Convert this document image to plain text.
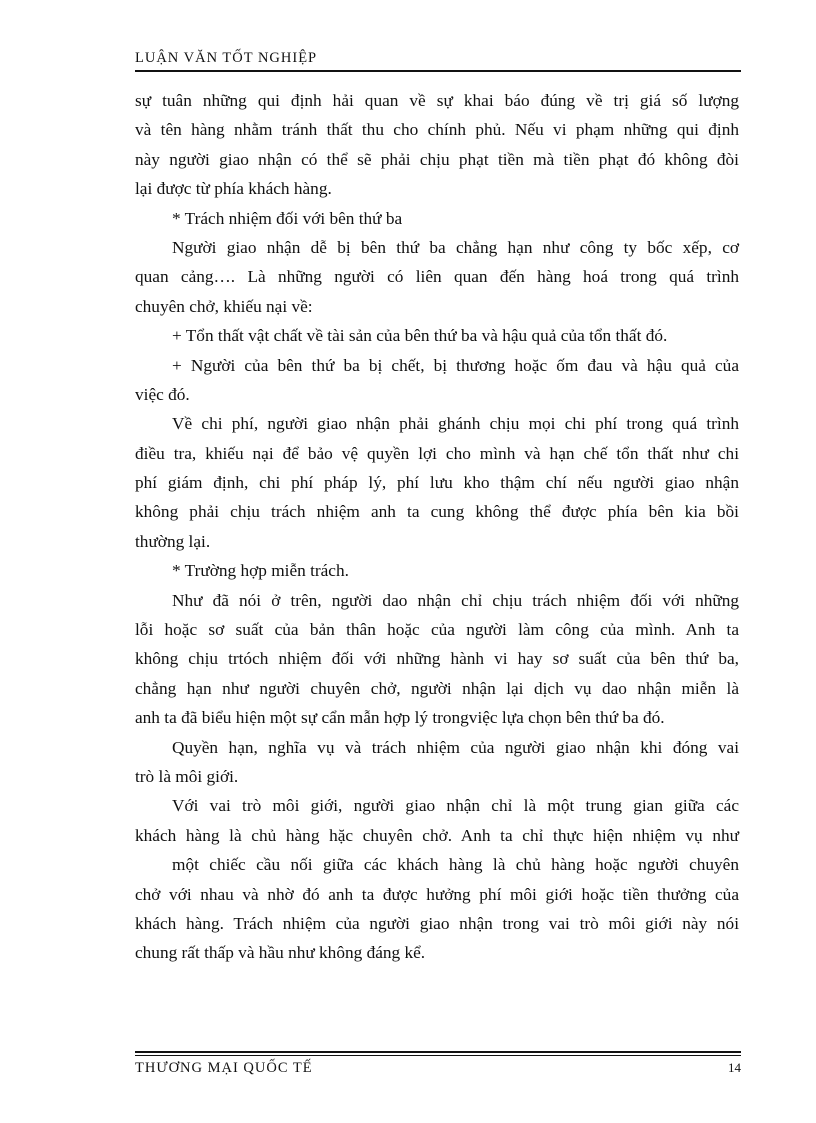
LUẬN VĂN TỐT NGHIỆP
sự tuân những qui định hải quan về sự khai báo đúng về trị giá số lượng
và tên hàng nhằm tránh thất thu cho chính phủ. Nếu vi phạm những qui định
này người giao nhận có thể sẽ phải chịu phạt tiền mà tiền phạt đó không đòi
lại được từ phía khách hàng.
* Trách nhiệm đối với bên thứ ba
Người giao nhận dễ bị bên thứ ba chẳng hạn như công ty bốc xếp, cơ
quan cảng…. Là những người có liên quan đến hàng hoá trong quá trình
chuyên chở, khiếu nại về:
+ Tổn thất vật chất về tài sản của bên thứ ba và hậu quả của tổn thất đó.
+ Người của bên thứ ba bị chết, bị thương hoặc ốm đau và hậu quả của
việc đó.
Về chi phí, người giao nhận phải ghánh chịu mọi chi phí trong quá trình
điều tra, khiếu nại để bảo vệ quyền lợi cho mình và hạn chế tổn thất như chi
phí giám định, chi phí pháp lý, phí lưu kho thậm chí nếu người giao nhận
không phải chịu trách nhiệm anh ta cung không thể được phía bên kia bồi
thường lại.
* Trường hợp miễn trách.
Như đã nói ở trên, người dao nhận chỉ chịu trách nhiệm đối với những
lỗi hoặc sơ suất của bản thân hoặc của người làm công của mình. Anh ta
không chịu trtóch nhiệm đối với những hành vi hay sơ suất của bên thứ ba,
chẳng hạn như người chuyên chở, người nhận lại dịch vụ dao nhận miễn là
anh ta đã biểu hiện một sự cẩn mẫn hợp lý trongviệc lựa chọn bên thứ ba đó.
Quyền hạn, nghĩa vụ và trách nhiệm của người giao nhận khi đóng vai
trò là môi giới.
Với vai trò môi giới, người giao nhận chỉ là một trung gian giữa các
khách hàng là chủ hàng hặc chuyên chở. Anh ta chỉ thực hiện nhiệm vụ như
một chiếc cầu nối giữa các khách hàng là chủ hàng hoặc người chuyên
chở với nhau và nhờ đó anh ta được hưởng phí môi giới hoặc tiền thưởng của
khách hàng. Trách nhiệm của người giao nhận trong vai trò môi giới này nói
chung rất thấp và hầu như không đáng kể.
THƯƠNG MẠI QUỐC TẾ	14
